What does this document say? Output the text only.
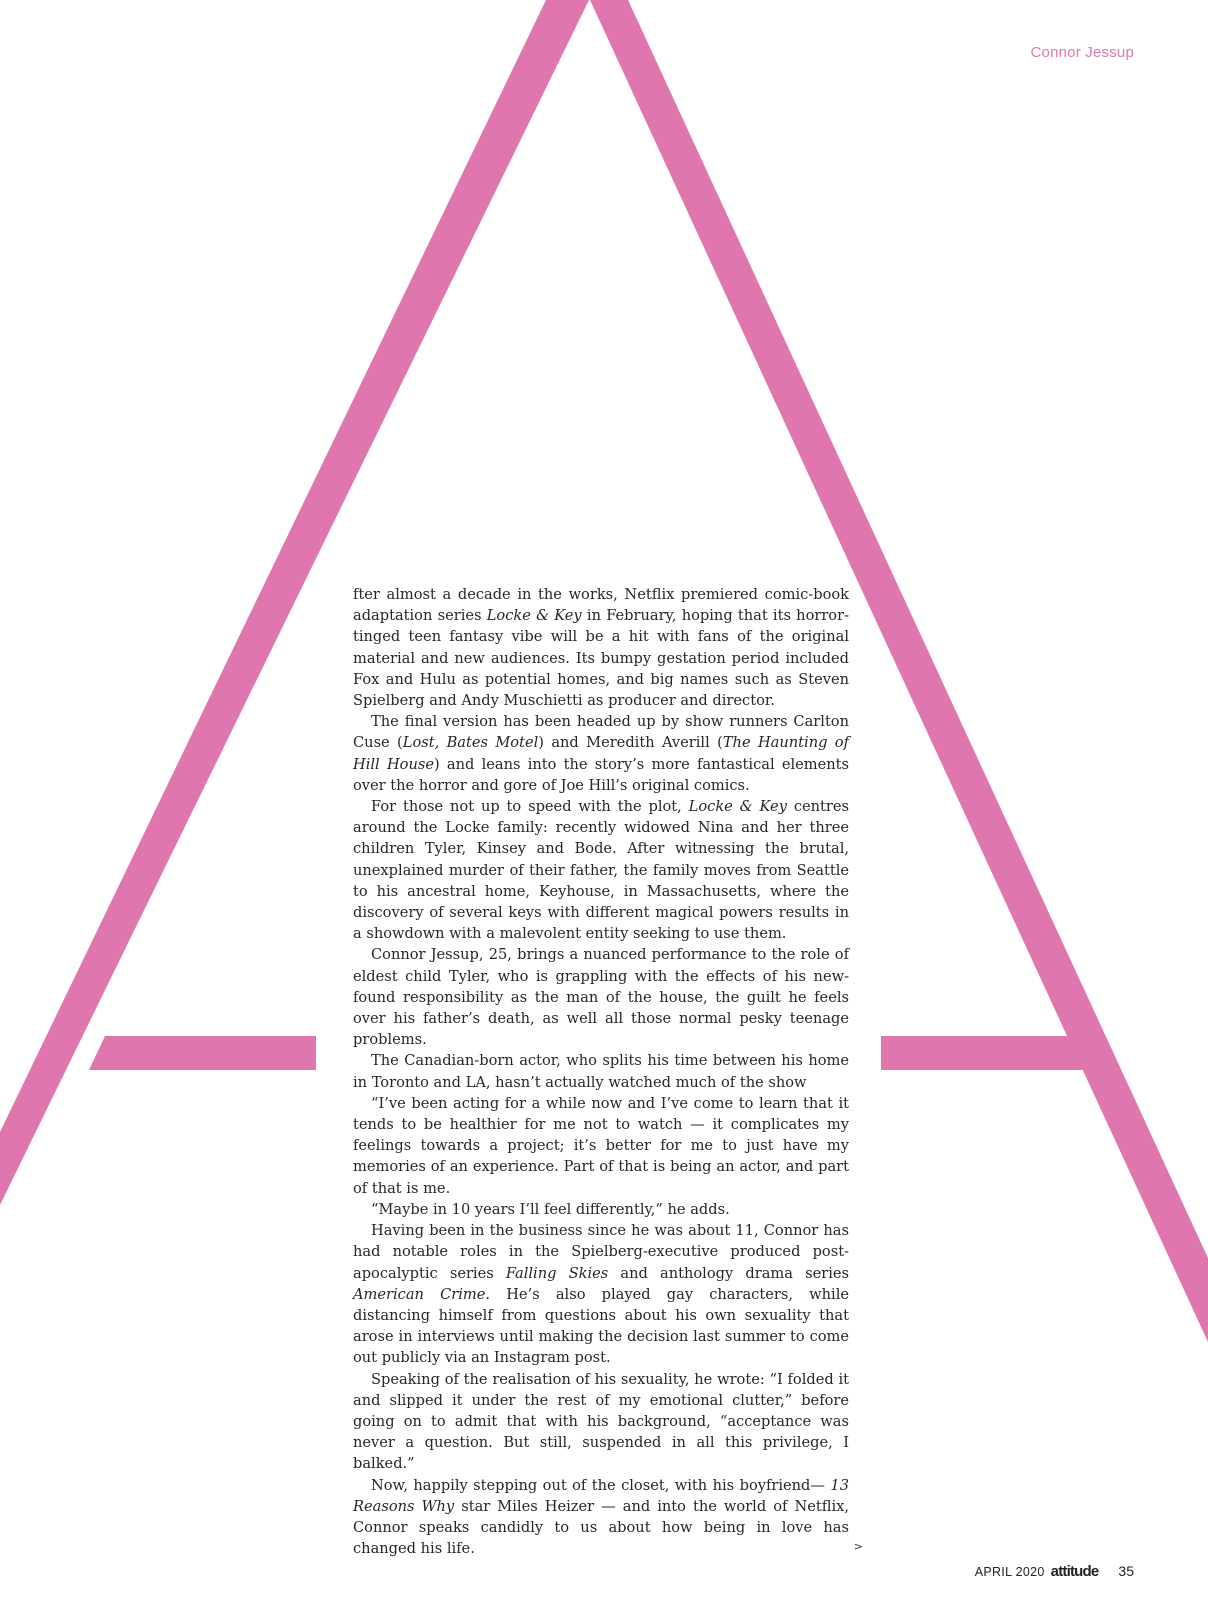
Connor Jessup

fter almost a decade in the works, Netflix premiered comic-book adaptation series Locke & Key in February, hoping that its horror-tinged teen fantasy vibe will be a hit with fans of the original material and new audiences. Its bumpy gestation period included Fox and Hulu as potential homes, and big names such as Steven Spielberg and Andy Muschietti as producer and director.

The final version has been headed up by show runners Carlton Cuse (Lost, Bates Motel) and Meredith Averill (The Haunting of Hill House) and leans into the story’s more fantastical elements over the horror and gore of Joe Hill’s original comics.

For those not up to speed with the plot, Locke & Key centres around the Locke family: recently widowed Nina and her three children Tyler, Kinsey and Bode. After witnessing the brutal, unexplained murder of their father, the family moves from Seattle to his ancestral home, Keyhouse, in Massachusetts, where the discovery of several keys with different magical powers results in a showdown with a malevolent entity seeking to use them.

Connor Jessup, 25, brings a nuanced performance to the role of eldest child Tyler, who is grappling with the effects of his new-found responsibility as the man of the house, the guilt he feels over his father’s death, as well all those normal pesky teenage problems.

The Canadian-born actor, who splits his time between his home in Toronto and LA, hasn’t actually watched much of the show

“I’ve been acting for a while now and I’ve come to learn that it tends to be healthier for me not to watch — it complicates my feelings towards a project; it’s better for me to just have my memories of an experience. Part of that is being an actor, and part of that is me.

“Maybe in 10 years I’ll feel differently,” he adds.

Having been in the business since he was about 11, Connor has had notable roles in the Spielberg-executive produced post-apocalyptic series Falling Skies and anthology drama series American Crime. He’s also played gay characters, while distancing himself from questions about his own sexuality that arose in interviews until making the decision last summer to come out publicly via an Instagram post.

Speaking of the realisation of his sexuality, he wrote: “I folded it and slipped it under the rest of my emotional clutter,” before going on to admit that with his background, “acceptance was never a question. But still, suspended in all this privilege, I balked.”

Now, happily stepping out of the closet, with his boyfriend— 13 Reasons Why star Miles Heizer — and into the world of Netflix, Connor speaks candidly to us about how being in love has changed his life.	>

APRIL 2020 attitude 35
